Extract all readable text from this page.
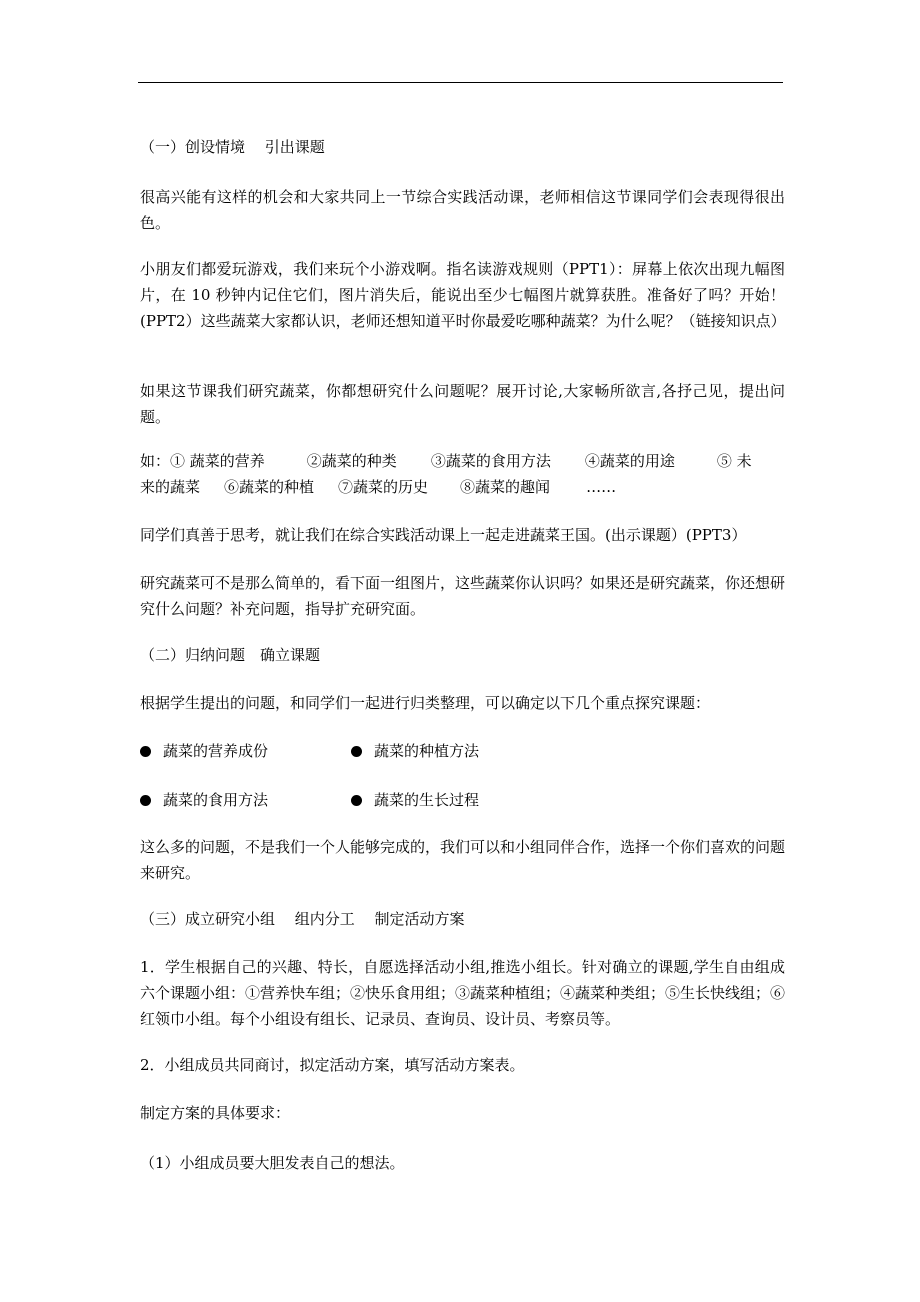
（一）创设情境　 引出课题

很高兴能有这样的机会和大家共同上一节综合实践活动课，老师相信这节课同学们会表现得很出色。

小朋友们都爱玩游戏，我们来玩个小游戏啊。指名读游戏规则（PPT1）：屏幕上依次出现九幅图片，在 10 秒钟内记住它们，图片消失后，能说出至少七幅图片就算获胜。准备好了吗？开始！(PPT2）这些蔬菜大家都认识，老师还想知道平时你最爱吃哪种蔬菜？为什么呢？（链接知识点）

如果这节课我们研究蔬菜，你都想研究什么问题呢？展开讨论,大家畅所欲言,各抒己见，提出问题。

如：① 蔬菜的营养	②蔬菜的种类 ③蔬菜的食用方法 ④蔬菜的用途	⑤ 未
来的蔬菜 ⑥蔬菜的种植 ⑦蔬菜的历史 ⑧蔬菜的趣闻 ……

同学们真善于思考，就让我们在综合实践活动课上一起走进蔬菜王国。(出示课题）(PPT3）

研究蔬菜可不是那么简单的，看下面一组图片，这些蔬菜你认识吗？如果还是研究蔬菜，你还想研究什么问题？补充问题，指导扩充研究面。

（二）归纳问题　确立课题

根据学生提出的问题，和同学们一起进行归类整理，可以确定以下几个重点探究课题：

蔬菜的营养成份	蔬菜的种植方法
蔬菜的食用方法	蔬菜的生长过程

这么多的问题，不是我们一个人能够完成的，我们可以和小组同伴合作，选择一个你们喜欢的问题来研究。

（三）成立研究小组　 组内分工　 制定活动方案

1．学生根据自己的兴趣、特长，自愿选择活动小组,推选小组长。针对确立的课题,学生自由组成六个课题小组：①营养快车组；②快乐食用组；③蔬菜种植组；④蔬菜种类组；⑤生长快线组；⑥红领巾小组。每个小组设有组长、记录员、查询员、设计员、考察员等。

2．小组成员共同商讨，拟定活动方案，填写活动方案表。

制定方案的具体要求：

（1）小组成员要大胆发表自己的想法。
